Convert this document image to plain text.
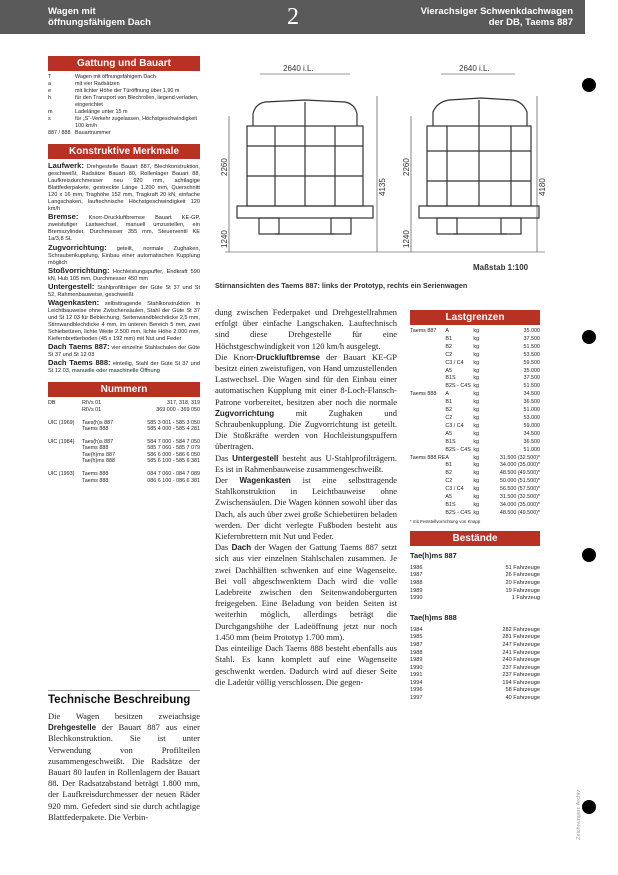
Wagen mit
öffnungsfähigem Dach	2	Vierachsiger Schwenkdachwagen
der DB, Taems 887
Gattung und Bauart
T	Wagen mit öffnungsfähigem Dach
a	mit vier Radsätzen
e	mit lichter Höhe der Türöffnung über 1,90 m
h	für den Transport von Blechrollen, liegend verladen, eingerichtet
m	Ladelänge unter 15 m
s	für „S“-Verkehr zugelassen, Höchstgeschwindigkeit 100 km/h
887 / 888	Bauartnummer
Konstruktive Merkmale
Laufwerk: Drehgestelle Bauart 887, Blechkonstruktion, geschweißt, Radsätze Bauart 80, Rollenlager Bauart 88, Laufkreisdurchmesser neu 920 mm, achtlagige Blattfederpakete, gestreckte Länge 1.200 mm, Querschnitt 120 x 16 mm, Traghöhe 152 mm, Tragkraft 20 kN, einfache Langschaken, lauftechnische Höchstgeschwindigkeit 120 km/h
Bremse: Knorr-Druckluftbremse Bauart KE-GP, zweistufiger Lastwechsel, manuell umzustellen, ein Bremszylinder, Durchmesser 355 mm, Steuerventil KE 1a/3,8 SL
Zugvorrichtung: geteilt, normale Zughaken, Schraubenkupplung, Einbau einer automatischen Kupplung möglich
Stoßvorrichtung: Hochleistungspuffer, Endkraft 590 kN, Hub 105 mm, Durchmesser 450 mm
Untergestell: Stahlprofilträger der Güte St 37 und St 52, Rahmenbauweise, geschweißt
Wagenkasten: selbsttragende Stahlkonstruktion in Leichtbauweise ohne Zwischensäulen, Stahl der Güte St 37 und St 12 03 für Beblechung, Seitenwandblechdicke 2,5 mm, Stirnwandblechdicke 4 mm, im unteren Bereich 5 mm, zwei Schiebetüren, lichte Weite 2.500 mm, lichte Höhe 2.000 mm, Kiefernbretterboden (45 x 192 mm) mit Nut und Feder
Dach Taems 887: vier einzelne Stahlschalen der Güte St 37 und St 12 03
Dach Taems 888: einteilig, Stahl der Güte St 37 und St 12 03, manuelle oder maschinelle Öffnung
Nummern
DB	RIVs 01	317, 318, 319
	RIVs 01	369 000 - 369 050
UIC (1969)	Taes(h)s 887	585 3 001 - 585 3 050
	Taems 888	585 4 000 - 585 4 281
UIC (1984)	Taes(h)s 887	584 7 000 - 584 7 050
	Taems 888	585 7 060 - 585 7 079
	Tae(h)ms 887	586 6 000 - 586 6 050
	Tae(h)ms 888	585 6 100 - 585 6 381
UIC (1993)	Taems 888	084 7 060 - 084 7 089
	Taems 888	086 6 100 - 086 6 381
Technische Beschreibung
Die Wagen besitzen zweiachsige Drehgestelle der Bauart 887 aus einer Blechkonstruktion. Sie ist unter Verwendung von Profilteilen zusammengeschweißt. Die Radsätze der Bauart 80 laufen in Rollenlagern der Bauart 88. Der Radsatzabstand beträgt 1.800 mm, der Laufkreisdurchmesser der neuen Räder 920 mm. Gefedert sind sie durch achtlagige Blattfederpakete. Die Verbin-
2640 i.L.	2640 i.L.
2260
1240
4135
2260
1240
4180
Maßstab 1:100
Stirnansichten des Taems 887: links der Prototyp, rechts ein Serienwagen
dung zwischen Federpaket und Drehgestellrahmen erfolgt über einfache Langschaken. Lauftechnisch sind diese Drehgestelle für eine Höchstgeschwindigkeit von 120 km/h ausgelegt.
Die Knorr-Druckluftbremse der Bauart KE-GP besitzt einen zweistufigen, von Hand umzustellenden Lastwechsel. Die Wagen sind für den Einbau einer automatischen Kupplung mit einer 8-Loch-Flansch-Patrone vorbereitet, besitzen aber noch die normale Zugvorrichtung mit Zughaken und Schraubenkupplung. Die Zugvorrichtung ist geteilt. Die Stoßkräfte werden von Hochleistungspuffern übertragen.
Das Untergestell besteht aus U-Stahlprofilträgern. Es ist in Rahmenbauweise zusammengeschweißt.
Der Wagenkasten ist eine selbsttragende Stahlkonstruktion in Leichtbauweise ohne Zwischensäulen. Die Wagen können sowohl über das Dach, als auch über zwei große Schiebetüren beladen werden. Der dicht verlegte Fußboden besteht aus Kiefernbrettern mit Nut und Feder.
Das Dach der Wagen der Gattung Taems 887 setzt sich aus vier einzelnen Stahlschalen zusammen. Je zwei Dachhälften schwenken auf eine Wagenseite. Bei voll abgeschwenktem Dach wird die volle Ladebreite zwischen den Seitenwandobergurten freigegeben. Eine Beladung von beiden Seiten ist weiterhin möglich, allerdings beträgt die Durchgangshöhe der Ladeöffnung jetzt nur noch 1.450 mm (beim Prototyp 1.700 mm).
Das einteilige Dach Taems 888 besteht ebenfalls aus Stahl. Es kann komplett auf eine Wagenseite geschwenkt werden. Dadurch wird auf dieser Seite die Ladetür völlig verschlossen. Die gegen-
Lastgrenzen
Taems 887	A	kg	35.000
	B1	kg	37.500
	B2	kg	51.500
	C2	kg	53.500
	C3 / C4	kg	59.500
	A5	kg	35.000
	B1S	kg	37.500
	B2S - C4S	kg	51.500
Taems 888	A	kg	34.500
	B1	kg	36.500
	B2	kg	51.000
	C2	kg	53.000
	C3 / C4	kg	59.000
	A5	kg	34.500
	B1S	kg	36.500
	B2S - C4S	kg	51.000
Taems 888 RE	A	kg	31.500 (32.500)*
	B1	kg	34.000 (35.000)*
	B2	kg	48.500 (49.500)*
	C2	kg	50.000 (51.500)*
	C3 / C4	kg	56.500 (57.500)*
	A5	kg	31.500 (32.500)*
	B1S	kg	34.000 (35.000)*
	B2S - C4S	kg	48.500 (49.500)*
* mit Feststellvorrichtung von Knapp
Bestände
Tae(h)ms 887
1986	51 Fahrzeuge
1987	26 Fahrzeuge
1988	20 Fahrzeuge
1989	19 Fahrzeuge
1990	1 Fahrzeug
Tae(h)ms 888
1984	282 Fahrzeuge
1985	281 Fahrzeuge
1987	247 Fahrzeuge
1988	241 Fahrzeuge
1989	240 Fahrzeuge
1990	237 Fahrzeuge
1991	237 Fahrzeuge
1994	194 Fahrzeuge
1996	58 Fahrzeuge
1997	40 Fahrzeuge
Zeichnungen: Archiv
